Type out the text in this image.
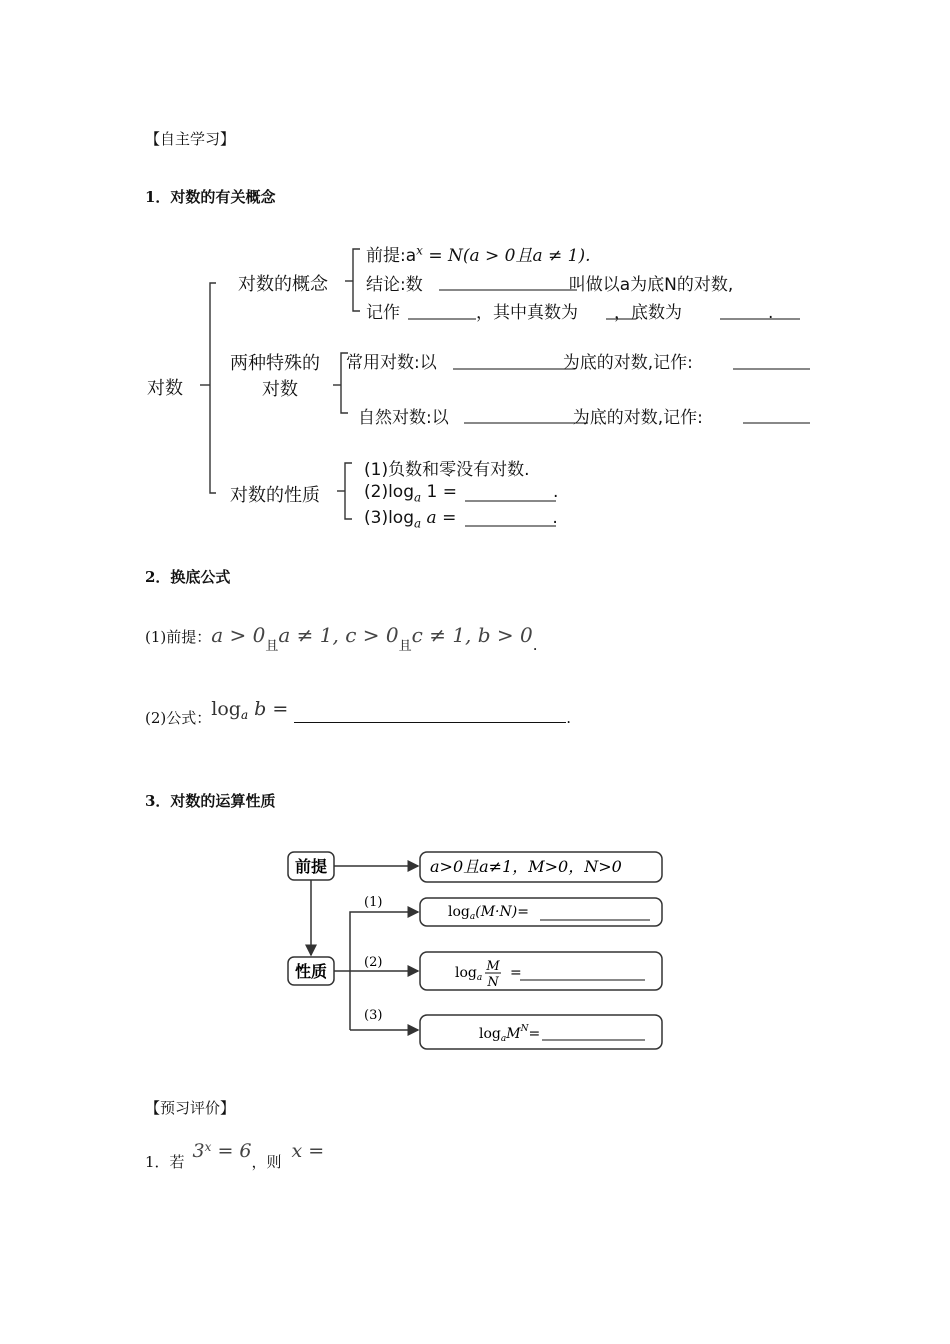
【自主学习】
1．对数的有关概念
对数
对数的概念
前提$:a^x = N(a > 0$且a ≠ 1).
结论:数	叫做以a为底N的对数,
记作	，其中真数为 ，底数为	.
两种特殊的
对数
常用对数:以	为底的对数,记作:
自然对数:以	为底的对数,记作:
对数的性质
(1)负数和零没有对数.
$(2)\log_a$ 1 =	.
$(3)\log_a$ a =	.
2．换底公式
(1)前提：a > 0且a ≠ 1, c > 0且c ≠ 1, b > 0.
(2)公式：$\log_a b$ =	.
3．对数的运算性质
前提
性质
a>0且a≠1，M>0，N>0
(1)
(2)
(3)
$\log_a(M\cdot N)=$
$\log_a$
M
N
=
$\log_aM^N=$
【预习评价】
1．若 $3^x = 6$，则 x =
